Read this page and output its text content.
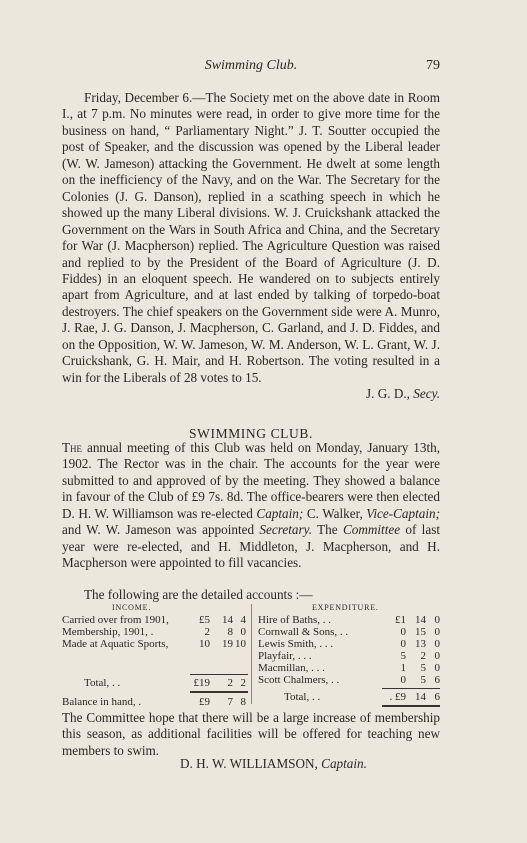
Swimming Club.	79

Friday, December 6.—The Society met on the above date in Room I., at 7 p.m. No minutes were read, in order to give more time for the business on hand, “ Parliamentary Night.” J. T. Soutter occupied the post of Speaker, and the discussion was opened by the Liberal leader (W. W. Jameson) attacking the Government. He dwelt at some length on the inefficiency of the Navy, and on the War. The Secretary for the Colonies (J. G. Danson), replied in a scathing speech in which he showed up the many Liberal divisions. W. J. Cruickshank attacked the Government on the Wars in South Africa and China, and the Secretary for War (J. Macpherson) replied. The Agriculture Question was raised and replied to by the President of the Board of Agriculture (J. D. Fiddes) in an eloquent speech. He wandered on to subjects entirely apart from Agriculture, and at last ended by talking of torpedo-boat destroyers. The chief speakers on the Government side were A. Munro, J. Rae, J. G. Danson, J. Macpherson, C. Garland, and J. D. Fiddes, and on the Opposition, W. W. Jameson, W. M. Anderson, W. L. Grant, W. J. Cruickshank, G. H. Mair, and H. Robertson. The voting resulted in a win for the Liberals of 28 votes to 15.
J. G. D., Secy.

SWIMMING CLUB.

The annual meeting of this Club was held on Monday, January 13th, 1902. The Rector was in the chair. The accounts for the year were submitted to and approved of by the meeting. They showed a balance in favour of the Club of £9 7s. 8d. The office-bearers were then elected D. H. W. Williamson was re-elected Captain; C. Walker, Vice-Captain; and W. W. Jameson was appointed Secretary. The Committee of last year were re-elected, and H. Middleton, J. Macpherson, and H. Macpherson were appointed to fill vacancies.

The following are the detailed accounts :—

INCOME.	EXPENDITURE.
Carried over from 1901,	£5 14 4
Membership, 1901, .	2 8 0
Made at Aquatic Sports,	10 19 10
Total, . .	£19 2 2
Balance in hand, .	£9 7 8
Hire of Baths, . .	£1 14 0
Cornwall & Sons, . .	0 15 0
Lewis Smith, . . .	0 13 0
Playfair, . . .	5 2 0
Macmillan, . . .	1 5 0
Scott Chalmers, . .	0 5 6
Total, . .	. £9 14 6

The Committee hope that there will be a large increase of membership this season, as additional facilities will be offered for teaching new members to swim.

D. H. W. WILLIAMSON, Captain.
